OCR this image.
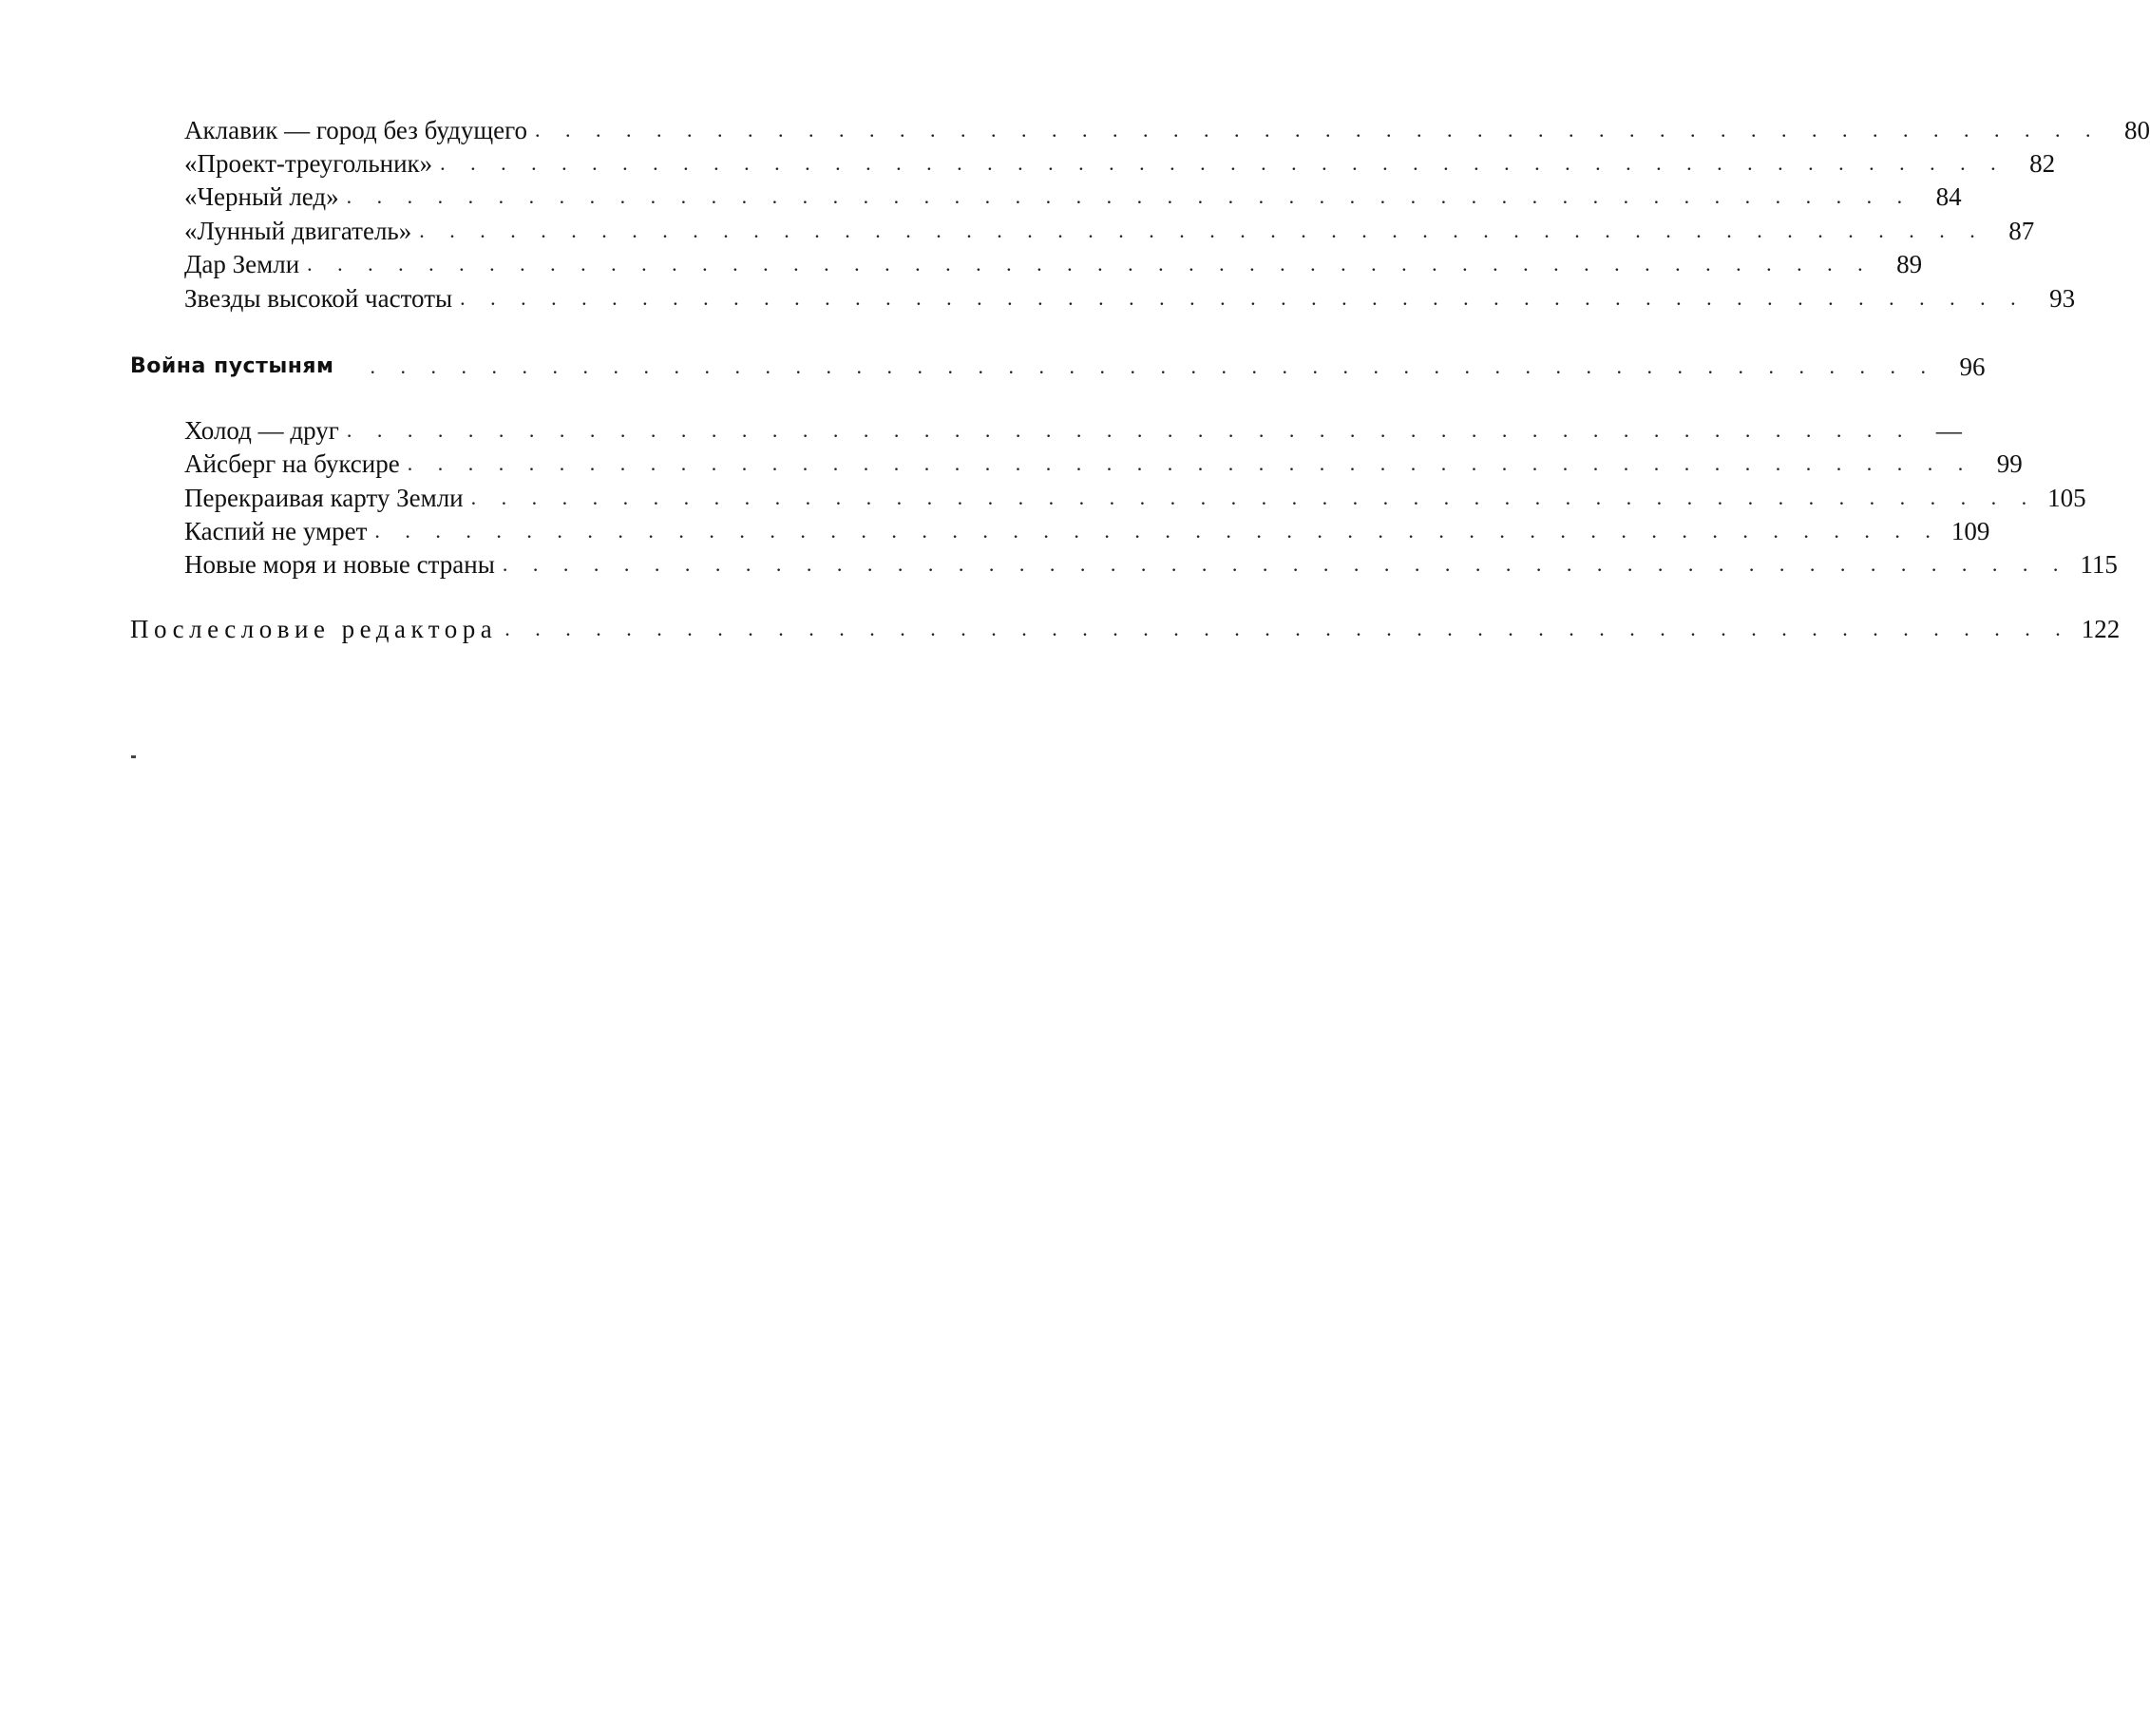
Аклавик — город без будущего . . . . . . . . . . . . . . . . . . . . . . . . . . . . . . . . . . . . . . . . . . . . . . . . . . . . 80
«Проект-треугольник» . . . . . . . . . . . . . . . . . . . . . . . . . . . . . . . . . . . . . . . . . . . . . . . . . . . . 82
«Черный лед» . . . . . . . . . . . . . . . . . . . . . . . . . . . . . . . . . . . . . . . . . . . . . . . . . . . . 84
«Лунный двигатель» . . . . . . . . . . . . . . . . . . . . . . . . . . . . . . . . . . . . . . . . . . . . . . . . . . . . 87
Дар Земли . . . . . . . . . . . . . . . . . . . . . . . . . . . . . . . . . . . . . . . . . . . . . . . . . . . . 89
Звезды высокой частоты . . . . . . . . . . . . . . . . . . . . . . . . . . . . . . . . . . . . . . . . . . . . . . . . . . . . 93
Война пустыням	. . . . . . . . . . . . . . . . . . . . . . . . . . . . . . . . . . . . . . . . . . . . . . . . . . . . 96
Холод — друг . . . . . . . . . . . . . . . . . . . . . . . . . . . . . . . . . . . . . . . . . . . . . . . . . . . . —
Айсберг на буксире . . . . . . . . . . . . . . . . . . . . . . . . . . . . . . . . . . . . . . . . . . . . . . . . . . . . 99
Перекраивая карту Земли . . . . . . . . . . . . . . . . . . . . . . . . . . . . . . . . . . . . . . . . . . . . . . . . . . . . 105
Каспий не умрет . . . . . . . . . . . . . . . . . . . . . . . . . . . . . . . . . . . . . . . . . . . . . . . . . . . . 109
Новые моря и новые страны . . . . . . . . . . . . . . . . . . . . . . . . . . . . . . . . . . . . . . . . . . . . . . . . . . . . 115
Послесловие редактора . . . . . . . . . . . . . . . . . . . . . . . . . . . . . . . . . . . . . . . . . . . . . . . . . . . . 122
